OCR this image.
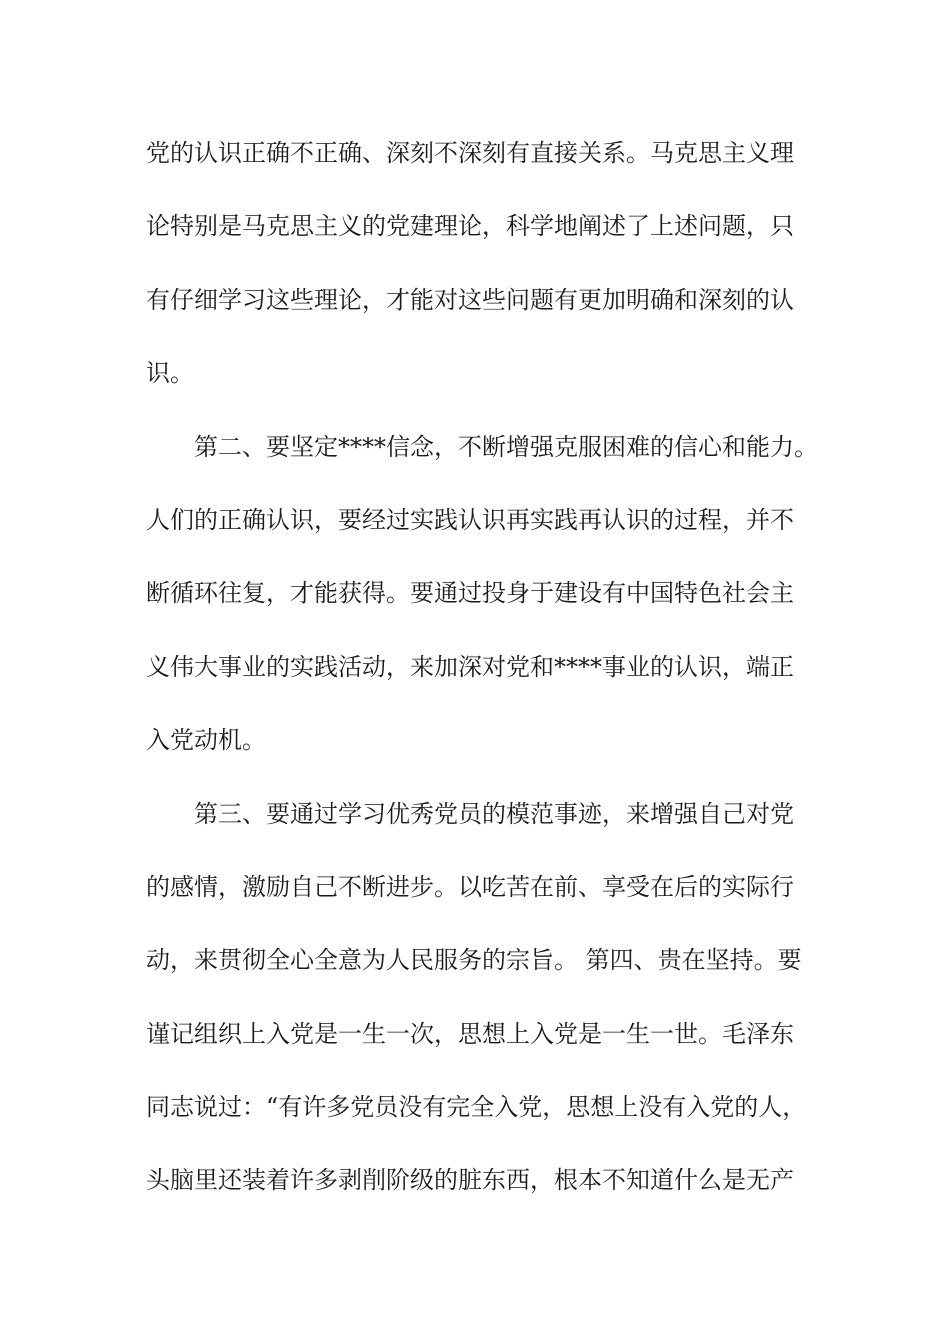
党的认识正确不正确、深刻不深刻有直接关系。马克思主义理
论特别是马克思主义的党建理论，科学地阐述了上述问题，只
有仔细学习这些理论，才能对这些问题有更加明确和深刻的认
识。
第二、要坚定****信念，不断增强克服困难的信心和能力。
人们的正确认识，要经过实践认识再实践再认识的过程，并不
断循环往复，才能获得。要通过投身于建设有中国特色社会主
义伟大事业的实践活动，来加深对党和****事业的认识，端正
入党动机。
第三、要通过学习优秀党员的模范事迹，来增强自己对党
的感情，激励自己不断进步。以吃苦在前、享受在后的实际行
动，来贯彻全心全意为人民服务的宗旨。 第四、贵在坚持。要
谨记组织上入党是一生一次，思想上入党是一生一世。毛泽东
同志说过：“有许多党员没有完全入党，思想上没有入党的人，
头脑里还装着许多剥削阶级的脏东西，根本不知道什么是无产
